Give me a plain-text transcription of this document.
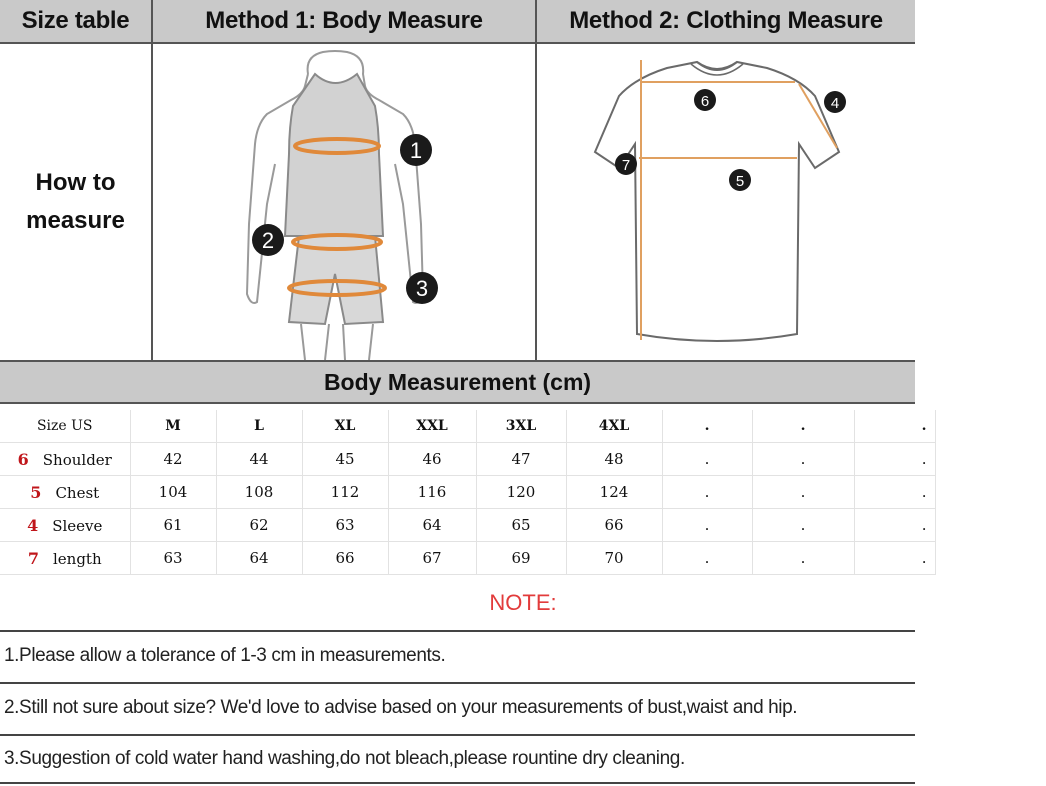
Size table	Method 1: Body Measure	Method 2: Clothing Measure
How to measure
1
2
3
6	4
7
5
Body Measurement (cm)
Size US	M	L	XL	XXL	3XL	4XL	.	.	.
6 Shoulder	42	44	45	46	47	48	.	.	.
5 Chest	104	108	112	116	120	124	.	.	.
4 Sleeve	61	62	63	64	65	66	.	.	.
7 length	63	64	66	67	69	70	.	.	.
NOTE:
1.Please allow a tolerance of 1-3 cm in measurements.
2.Still not sure about size? We'd love to advise based on your measurements of bust,waist and hip.
3.Suggestion of cold water hand washing,do not bleach,please rountine dry cleaning.
